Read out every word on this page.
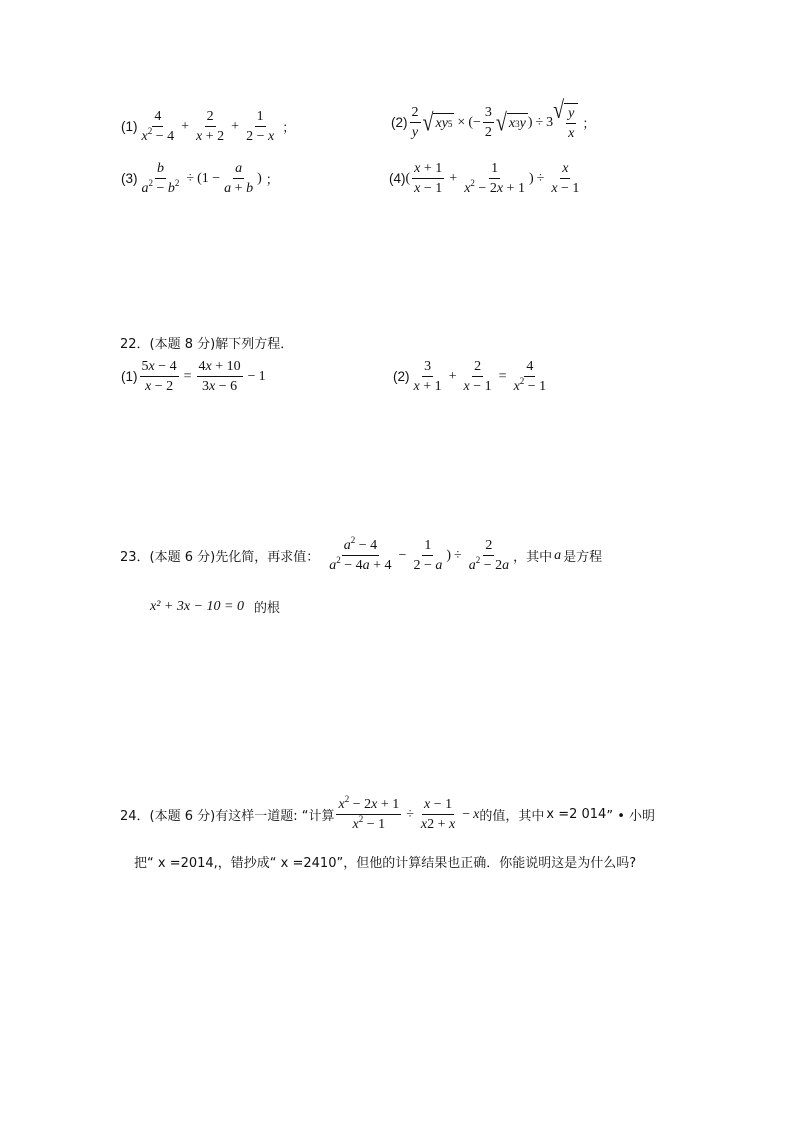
$(1) \frac{4}{x^2 - 4} + \frac{2}{x + 2} + \frac{1}{2 - x}$ ；	$(2) \frac{2}{y}$ √ xy 5 × (− $\frac{3}{2}$ √ x 3 y ) ÷ 3 √ $\frac{y}{x}$ ；
$(3) \frac{b}{a^2 - b^2} \div (1 - \frac{a}{a + b}$ ) ；	(4) ( $\frac{x + 1}{x - 1} + \frac{1}{x^2 - 2x + 1}$ ) ÷ $\frac{x}{x - 1}$
22．(本题 8 分)解下列方程．
$(1) \frac{5x - 4}{x - 2} = \frac{4x + 10}{3x - 6} - 1$	$(2) \frac{3}{x + 1} + \frac{2}{x - 1} = \frac{4}{x^2 - 1}$
23．(本题 6 分)先化简，再求值： $\frac{a^2 - 4}{a^2 - 4a + 4} - \frac{1}{2 - a}$ ) ÷ $\frac{2}{a^2 - 2a}$ ，其中 a 是方程
x² + 3x − 10 = 0 的根
24．(本题 6 分)有这样一道题: “计算 $\frac{x^2 - 2x + 1}{x^2 - 1} \div \frac{x - 1}{x2 + x} - x$ 的值，其中 x =2 014 ” • 小明
把“ x =2014,，错抄成“ x =2410”，但他的计算结果也正确．你能说明这是为什么吗?
